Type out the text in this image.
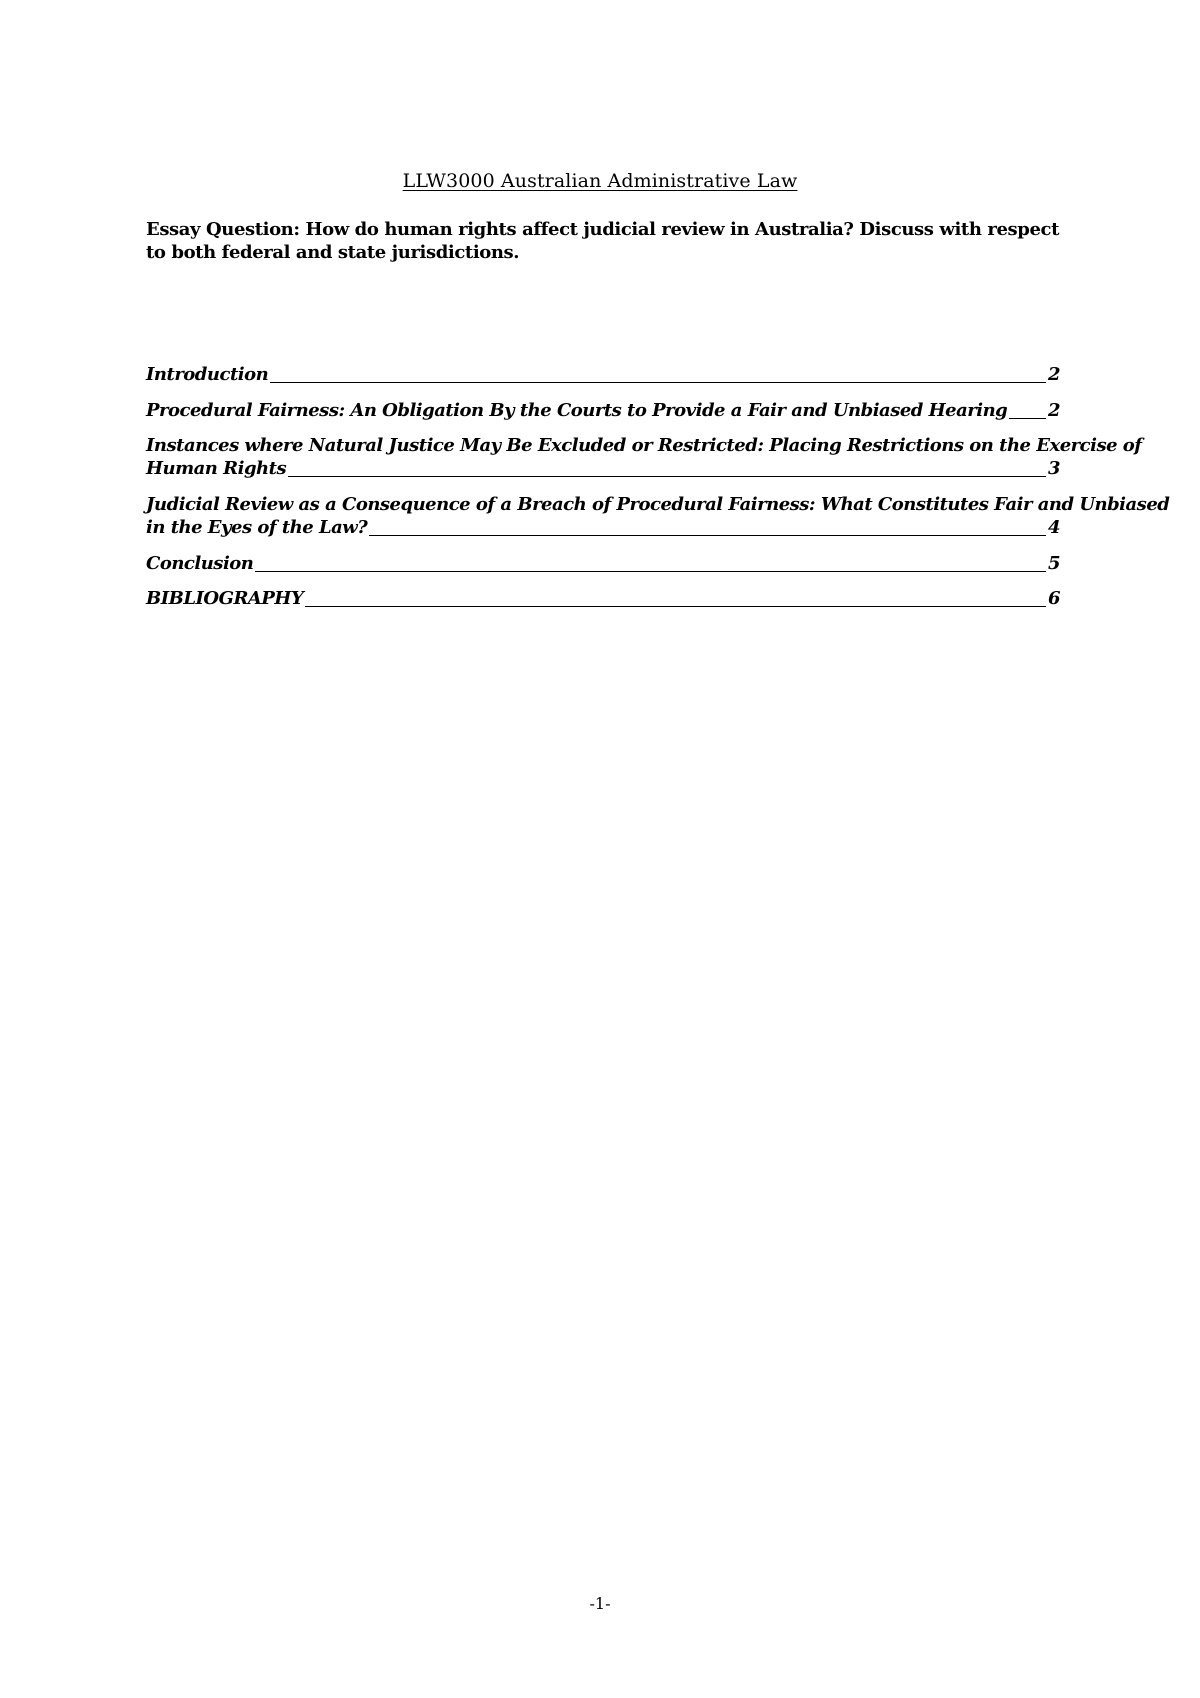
LLW3000 Australian Administrative Law
Essay Question: How do human rights affect judicial review in Australia? Discuss with respect to both federal and state jurisdictions.
Introduction	2
Procedural Fairness: An Obligation By the Courts to Provide a Fair and Unbiased Hearing 2
Instances where Natural Justice May Be Excluded or Restricted: Placing Restrictions on the Exercise of
Human Rights	3
Judicial Review as a Consequence of a Breach of Procedural Fairness: What Constitutes Fair and Unbiased
in the Eyes of the Law?	4
Conclusion	5
BIBLIOGRAPHY	6
-1-
